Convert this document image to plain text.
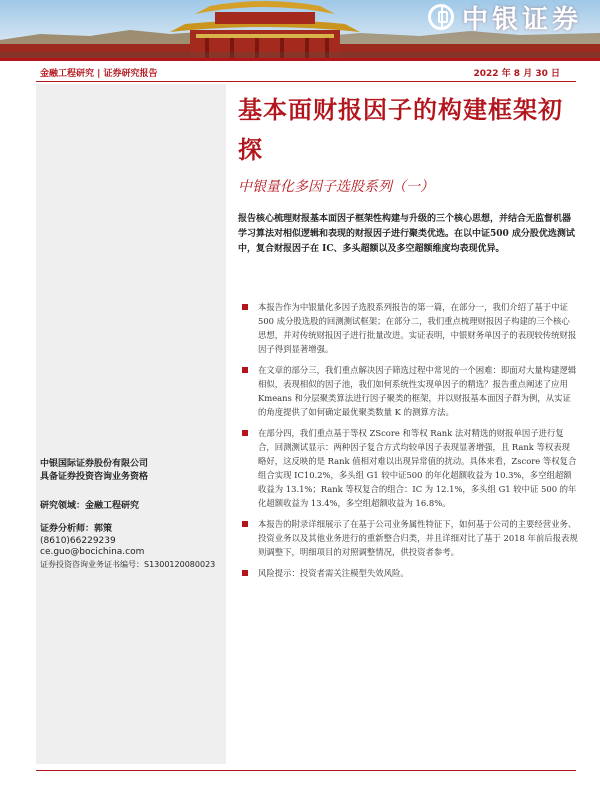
中银证券
金融工程研究 | 证券研究报告	2022 年 8 月 30 日
中银国际证券股份有限公司
具备证券投资咨询业务资格
研究领域：金融工程研究
证券分析师：郭策
(8610)66229239
ce.guo@bocichina.com
证券投资咨询业务证书编号：S1300120080023
基本面财报因子的构建框架初探
中银量化多因子选股系列（一）
报告核心梳理财报基本面因子框架性构建与升级的三个核心思想，并结合无监督机器学习算法对相似逻辑和表现的财报因子进行聚类优选。在以中证500 成分股优选测试中，复合财报因子在 IC、多头超额以及多空超额维度均表现优异。
本报告作为中银量化多因子选股系列报告的第一篇，在部分一，我们介绍了基于中证 500 成分股选股的回测测试框架；在部分二，我们重点梳理财报因子构建的三个核心思想，并对传统财报因子进行批量改进。实证表明，中银财务单因子的表现较传统财报因子得到显著增强。
在文章的部分三，我们重点解决因子筛选过程中常见的一个困难：即面对大量构建逻辑相似，表现相似的因子池，我们如何系统性实现单因子的精选？报告重点阐述了应用 Kmeans 和分层聚类算法进行因子聚类的框架，并以财报基本面因子群为例，从实证的角度提供了如何确定最优聚类数量 K 的测算方法。
在部分四，我们重点基于等权 ZScore 和等权 Rank 法对精选的财报单因子进行复合，回测测试显示：两种因子复合方式均较单因子表现显著增强，且 Rank 等权表现略好，这反映的是 Rank 值相对难以出现异常值的扰动。具体来看，Zscore 等权复合组合实现 IC10.2%，多头组 G1 较中证500 的年化超额收益为 10.3%，多空组超额收益为 13.1%；Rank 等权复合的组合：IC 为 12.1%，多头组 G1 较中证 500 的年化超额收益为 13.4%，多空组超额收益为 16.8%。
本报告的附录详细展示了在基于公司业务属性特征下，如何基于公司的主要经营业务、投资业务以及其他业务进行的重新整合归类，并且详细对比了基于 2018 年前后报表规则调整下，明细项目的对照调整情况，供投资者参考。
风险提示：投资者需关注模型失效风险。
